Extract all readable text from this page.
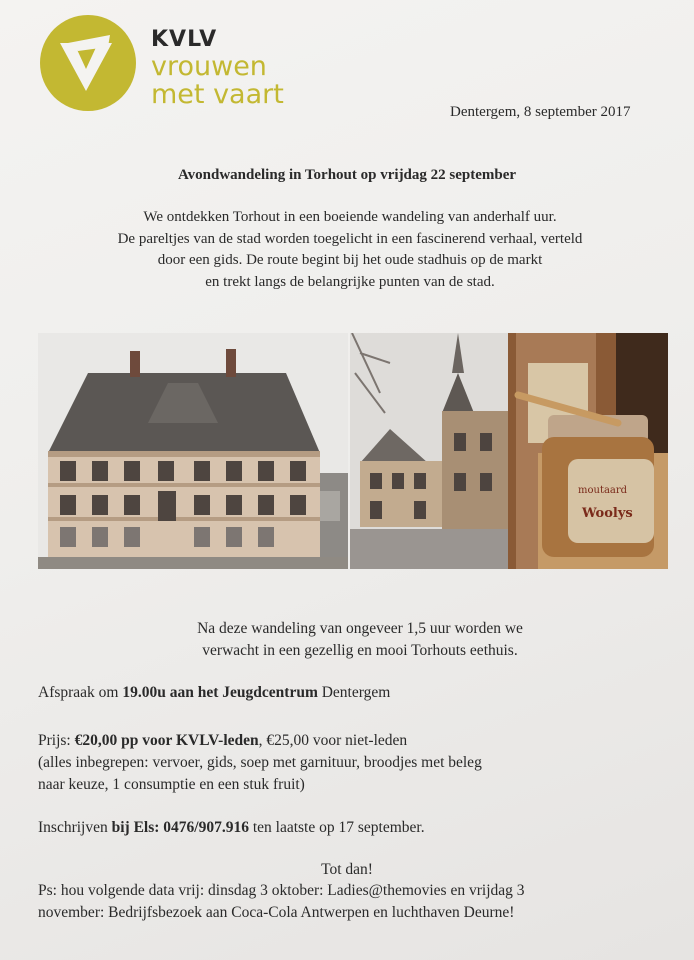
KVLV
vrouwen
met vaart
Dentergem, 8 september 2017
Avondwandeling in Torhout op vrijdag 22 september
We ontdekken Torhout in een boeiende wandeling van anderhalf uur.
De pareltjes van de stad worden toegelicht in een fascinerend verhaal, verteld
door een gids. De route begint bij het oude stadhuis op de markt
en trekt langs de belangrijke punten van de stad.
moutaard
Woolys
Na deze wandeling van ongeveer 1,5 uur worden we
verwacht in een gezellig en mooi Torhouts eethuis.
Afspraak om 19.00u aan het Jeugdcentrum Dentergem
Prijs: €20,00 pp voor KVLV-leden, €25,00 voor niet-leden
(alles inbegrepen: vervoer, gids, soep met garnituur, broodjes met beleg
naar keuze, 1 consumptie en een stuk fruit)
Inschrijven bij Els: 0476/907.916 ten laatste op 17 september.
Tot dan!
Ps: hou volgende data vrij: dinsdag 3 oktober: Ladies@themovies en vrijdag 3
november: Bedrijfsbezoek aan Coca-Cola Antwerpen en luchthaven Deurne!
